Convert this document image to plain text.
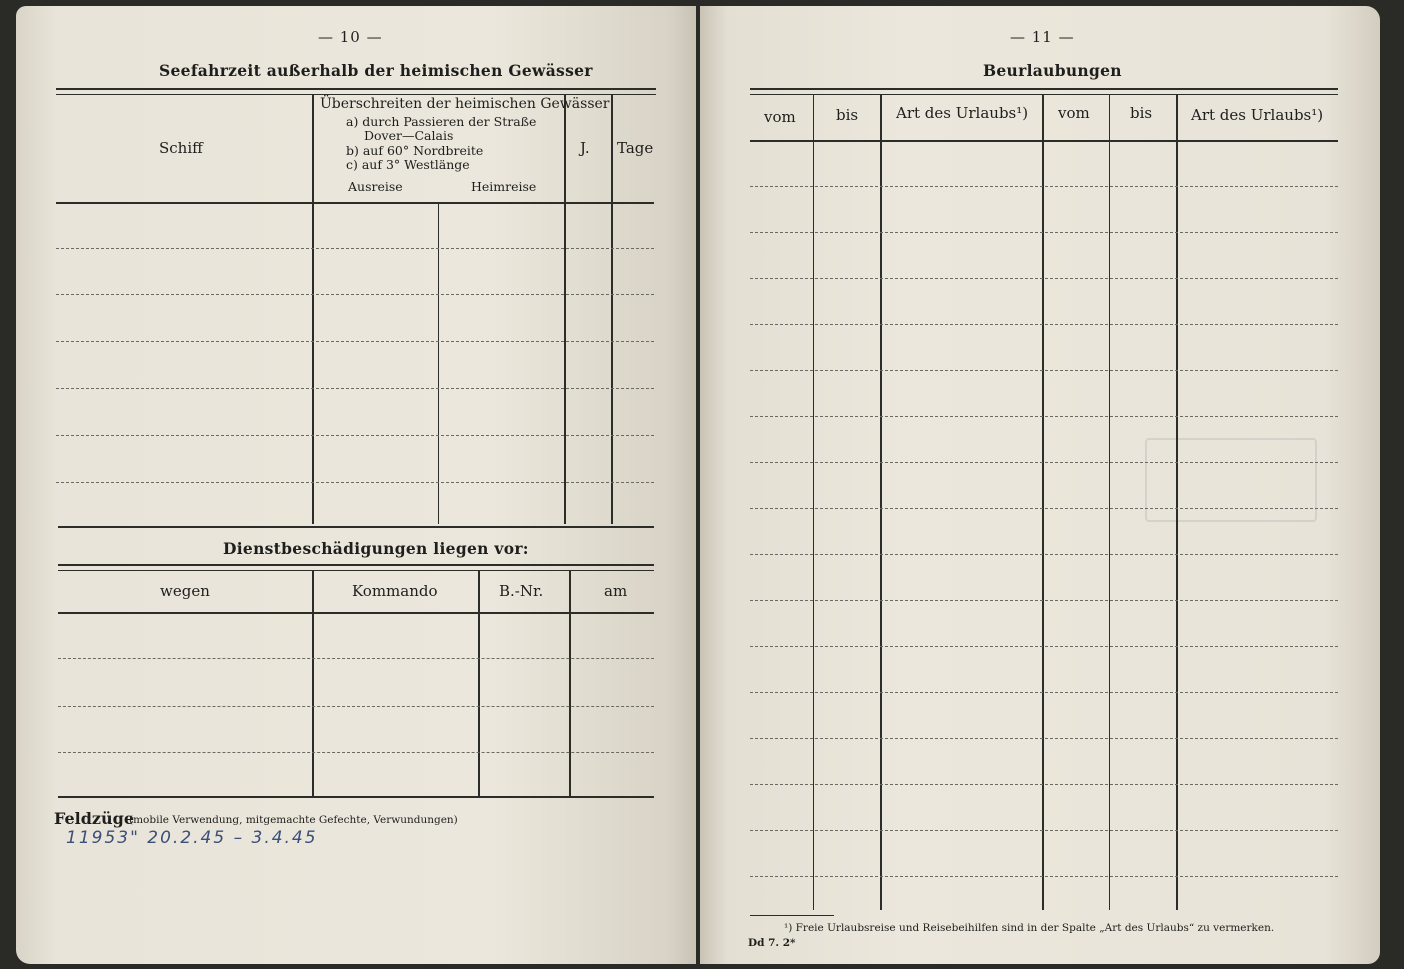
— 10 —
Seefahrzeit außerhalb der heimischen Gewässer
Schiff
Überschreiten der heimischen Gewässer
a) durch Passieren der Straße
Dover—Calais
b) auf 60° Nordbreite
c) auf 3° Westlänge
Ausreise	Heimreise
J. Tage
Dienstbeschädigungen liegen vor:
wegen	Kommando	B.-Nr.	am
Feldzüge
(mobile Verwendung, mitgemachte Gefechte, Verwundungen)
11953" 20.2.45 – 3.4.45
— 11 —
Beurlaubungen
vom	bis	Art des Urlaubs¹) vom	bis	Art des Urlaubs¹)
¹) Freie Urlaubsreise und Reisebeihilfen sind in der Spalte „Art des Urlaubs“ zu vermerken.
Dd 7. 2*
